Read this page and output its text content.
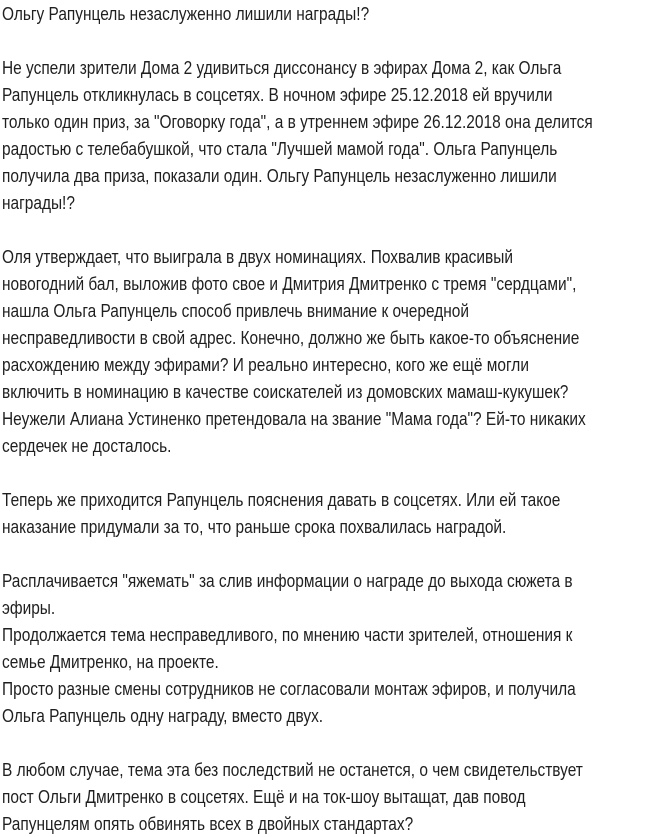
Ольгу Рапунцель незаслуженно лишили награды!?

Не успели зрители Дома 2 удивиться диссонансу в эфирах Дома 2, как Ольга
Рапунцель откликнулась в соцсетях. В ночном эфире 25.12.2018 ей вручили
только один приз, за "Оговорку года", а в утреннем эфире 26.12.2018 она делится
радостью с телебабушкой, что стала "Лучшей мамой года". Ольга Рапунцель
получила два приза, показали один. Ольгу Рапунцель незаслуженно лишили
награды!?

Оля утверждает, что выиграла в двух номинациях. Похвалив красивый
новогодний бал, выложив фото свое и Дмитрия Дмитренко с тремя "сердцами",
нашла Ольга Рапунцель способ привлечь внимание к очередной
несправедливости в свой адрес. Конечно, должно же быть какое-то объяснение
расхождению между эфирами? И реально интересно, кого же ещё могли
включить в номинацию в качестве соискателей из домовских мамаш-кукушек?
Неужели Алиана Устиненко претендовала на звание "Мама года"? Ей-то никаких
сердечек не досталось.

Теперь же приходится Рапунцель пояснения давать в соцсетях. Или ей такое
наказание придумали за то, что раньше срока похвалилась наградой.

Расплачивается "яжемать" за слив информации о награде до выхода сюжета в
эфиры.
Продолжается тема несправедливого, по мнению части зрителей, отношения к
семье Дмитренко, на проекте.
Просто разные смены сотрудников не согласовали монтаж эфиров, и получила
Ольга Рапунцель одну награду, вместо двух.

В любом случае, тема эта без последствий не останется, о чем свидетельствует
пост Ольги Дмитренко в соцсетях. Ещё и на ток-шоу вытащат, дав повод
Рапунцелям опять обвинять всех в двойных стандартах?
